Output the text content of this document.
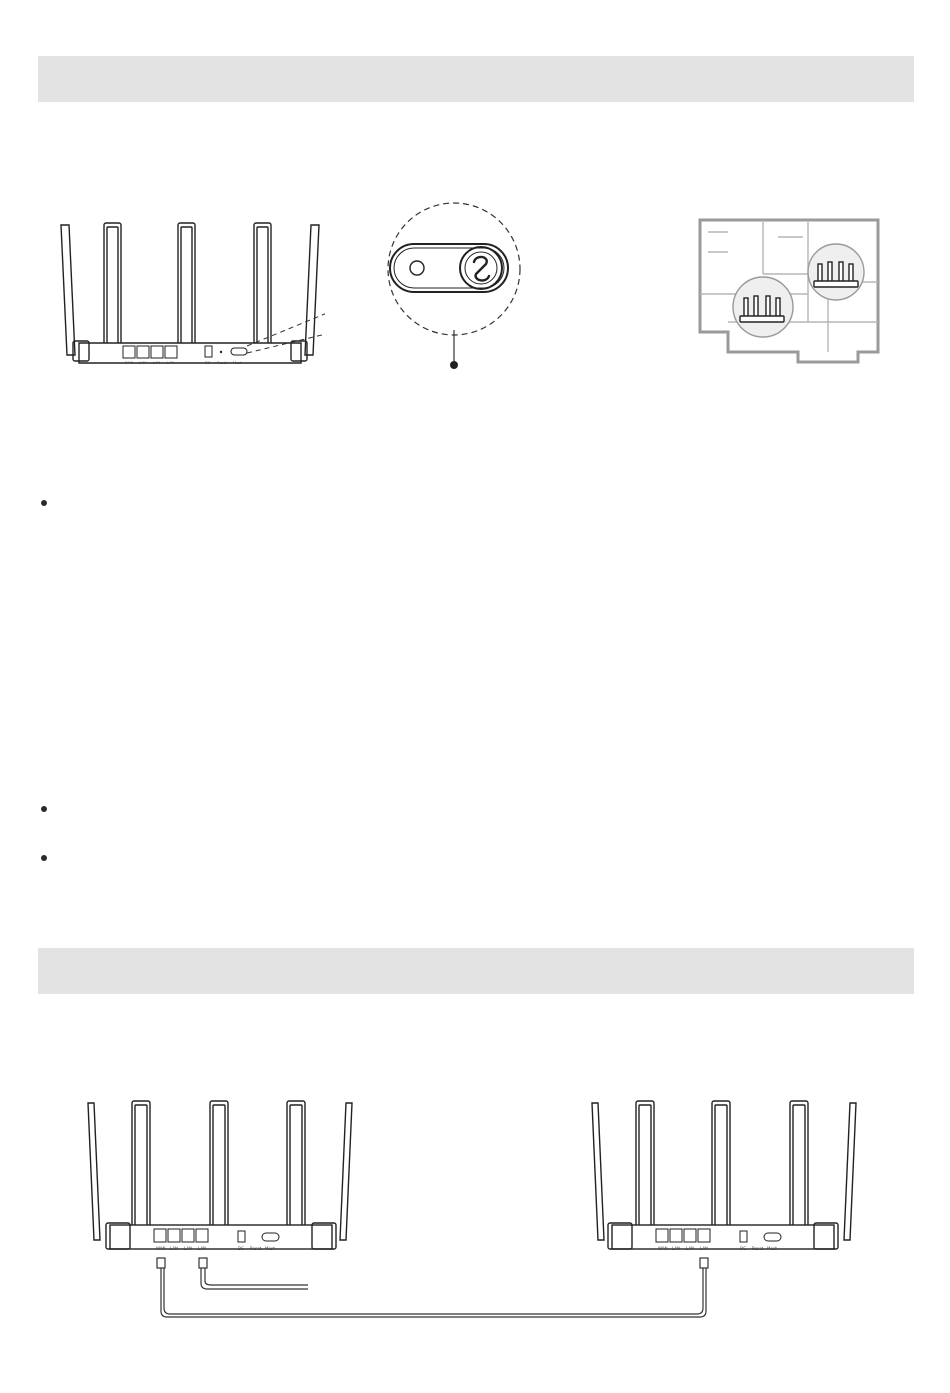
WAN LAN LAN LAN	DC Reset Mesh
WAN LAN LAN LAN	DC Reset Mesh	WAN LAN LAN LAN	DC Reset Mesh
